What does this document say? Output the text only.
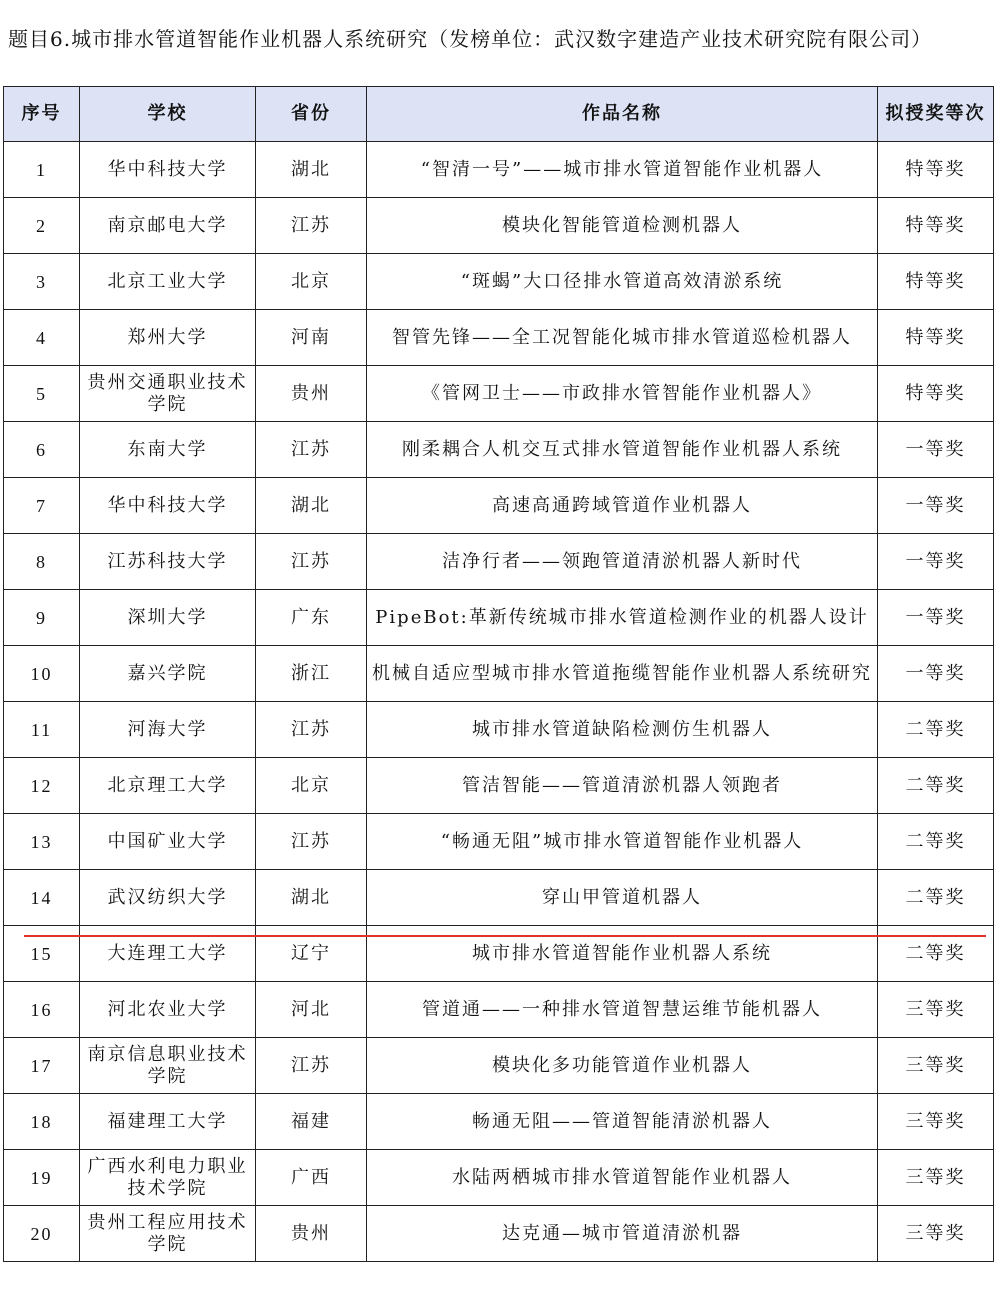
题目6.城市排水管道智能作业机器人系统研究（发榜单位：武汉数字建造产业技术研究院有限公司）
序号	学校	省份	作品名称	拟授奖等次
1	华中科技大学	湖北	“智清一号”——城市排水管道智能作业机器人	特等奖
2	南京邮电大学	江苏	模块化智能管道检测机器人	特等奖
3	北京工业大学	北京	“斑蝎”大口径排水管道高效清淤系统	特等奖
4	郑州大学	河南	智管先锋——全工况智能化城市排水管道巡检机器人	特等奖
5	贵州交通职业技术学院	贵州	《管网卫士——市政排水管智能作业机器人》	特等奖
6	东南大学	江苏	刚柔耦合人机交互式排水管道智能作业机器人系统	一等奖
7	华中科技大学	湖北	高速高通跨域管道作业机器人	一等奖
8	江苏科技大学	江苏	洁净行者——领跑管道清淤机器人新时代	一等奖
9	深圳大学	广东	PipeBot:革新传统城市排水管道检测作业的机器人设计	一等奖
10	嘉兴学院	浙江	机械自适应型城市排水管道拖缆智能作业机器人系统研究	一等奖
11	河海大学	江苏	城市排水管道缺陷检测仿生机器人	二等奖
12	北京理工大学	北京	管洁智能——管道清淤机器人领跑者	二等奖
13	中国矿业大学	江苏	“畅通无阻”城市排水管道智能作业机器人	二等奖
14	武汉纺织大学	湖北	穿山甲管道机器人	二等奖
15	大连理工大学	辽宁	城市排水管道智能作业机器人系统	二等奖
16	河北农业大学	河北	管道通——一种排水管道智慧运维节能机器人	三等奖
17	南京信息职业技术学院	江苏	模块化多功能管道作业机器人	三等奖
18	福建理工大学	福建	畅通无阻——管道智能清淤机器人	三等奖
19	广西水利电力职业技术学院	广西	水陆两栖城市排水管道智能作业机器人	三等奖
20	贵州工程应用技术学院	贵州	达克通—城市管道清淤机器	三等奖
